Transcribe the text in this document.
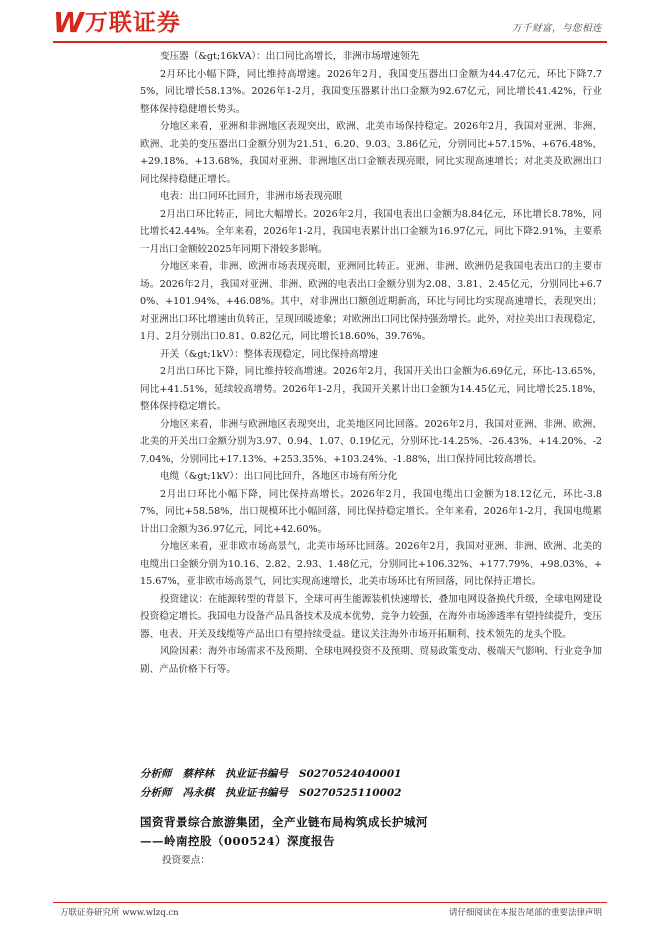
W 万联证券	万千财富，与您相连

变压器（&gt;16kVA）：出口同比高增长，非洲市场增速领先

2月环比小幅下降，同比维持高增速。2026年2月，我国变压器出口金额为44.47亿元，环比下降7.75%，同比增长58.13%。2026年1-2月，我国变压器累计出口金额为92.67亿元，同比增长41.42%，行业整体保持稳健增长势头。

分地区来看，亚洲和非洲地区表现突出，欧洲、北美市场保持稳定。2026年2月，我国对亚洲、非洲、欧洲、北美的变压器出口金额分别为21.51、6.20、9.03、3.86亿元，分别同比+57.15%、+676.48%、+29.18%、+13.68%，我国对亚洲、非洲地区出口金额表现亮眼，同比实现高速增长；对北美及欧洲出口同比保持稳健正增长。

电表：出口同环比回升，非洲市场表现亮眼

2月出口环比转正，同比大幅增长。2026年2月，我国电表出口金额为8.84亿元，环比增长8.78%，同比增长42.44%。全年来看，2026年1-2月，我国电表累计出口金额为16.97亿元，同比下降2.91%，主要系一月出口金额较2025年同期下滑较多影响。

分地区来看，非洲、欧洲市场表现亮眼，亚洲同比转正。亚洲、非洲、欧洲仍是我国电表出口的主要市场。2026年2月，我国对亚洲、非洲、欧洲的电表出口金额分别为2.08、3.81、2.45亿元，分别同比+6.70%、+101.94%、+46.08%。其中，对非洲出口额创近期新高，环比与同比均实现高速增长，表现突出；对亚洲出口环比增速由负转正，呈现回暖迹象；对欧洲出口同比保持强劲增长。此外，对拉美出口表现稳定，1月、2月分别出口0.81、0.82亿元，同比增长18.60%、39.76%。

开关（&gt;1kV）：整体表现稳定，同比保持高增速

2月出口环比下降，同比维持较高增速。2026年2月，我国开关出口金额为6.69亿元，环比-13.65%，同比+41.51%，延续较高增势。2026年1-2月，我国开关累计出口金额为14.45亿元，同比增长25.18%，整体保持稳定增长。

分地区来看，非洲与欧洲地区表现突出，北美地区同比回落。2026年2月，我国对亚洲、非洲、欧洲、北美的开关出口金额分别为3.97、0.94、1.07、0.19亿元，分别环比-14.25%、-26.43%、+14.20%、-27.04%，分别同比+17.13%、+253.35%、+103.24%、-1.88%，出口保持同比较高增长。

电缆（&gt;1kV）：出口同比回升，各地区市场有所分化

2月出口环比小幅下降，同比保持高增长。2026年2月，我国电缆出口金额为18.12亿元，环比-3.87%，同比+58.58%，出口规模环比小幅回落，同比保持稳定增长。全年来看，2026年1-2月，我国电缆累计出口金额为36.97亿元，同比+42.60%。

分地区来看，亚非欧市场高景气，北美市场环比回落。2026年2月，我国对亚洲、非洲、欧洲、北美的电缆出口金额分别为10.16、2.82、2.93、1.48亿元，分别同比+106.32%、+177.79%、+98.03%、+15.67%，亚非欧市场高景气，同比实现高速增长，北美市场环比有所回落，同比保持正增长。

投资建议：在能源转型的背景下，全球可再生能源装机快速增长，叠加电网设备换代升级，全球电网建设投资稳定增长。我国电力设备产品具备技术及成本优势，竞争力较强，在海外市场渗透率有望持续提升，变压器、电表、开关及线缆等产品出口有望持续受益。建议关注海外市场开拓顺利、技术领先的龙头个股。

风险因素：海外市场需求不及预期、全球电网投资不及预期、贸易政策变动、极端天气影响、行业竞争加剧、产品价格下行等。

分析师 蔡梓林 执业证书编号 S0270524040001
分析师 冯永棋 执业证书编号 S0270525110002
国资背景综合旅游集团，全产业链布局构筑成长护城河
——岭南控股（000524）深度报告
投资要点：
万联证券研究所 www.wlzq.cn	请仔细阅读在本报告尾部的重要法律声明
